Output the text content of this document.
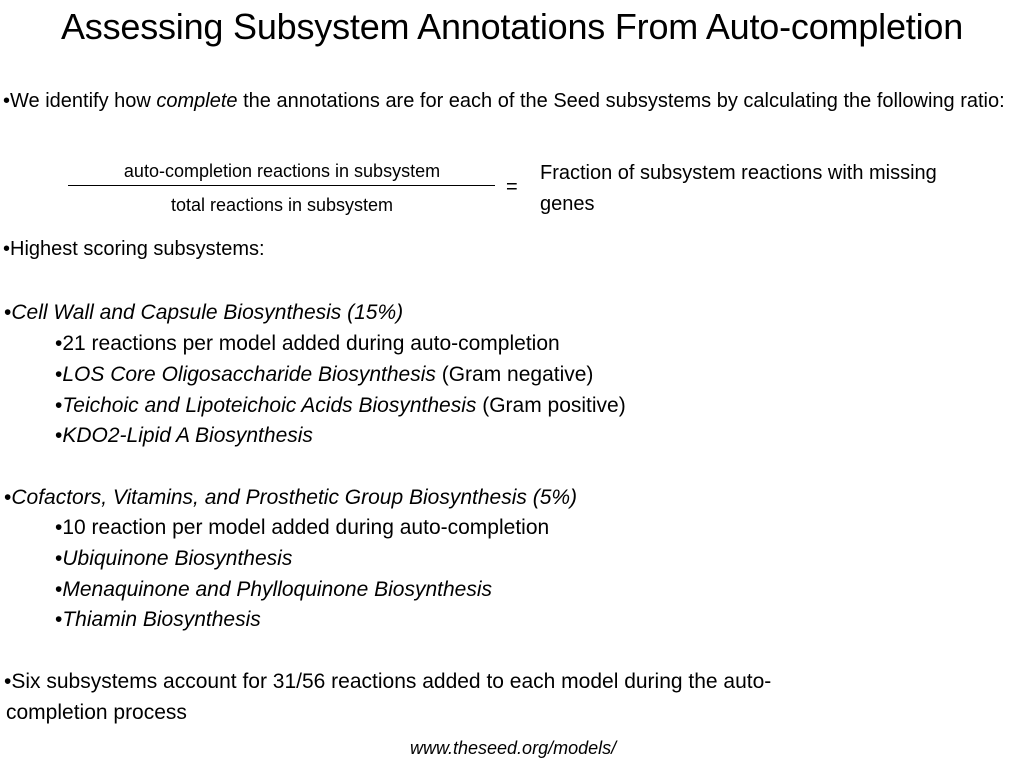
Assessing Subsystem Annotations From Auto-completion
•We identify how complete the annotations are for each of the Seed subsystems by calculating the following ratio:
auto-completion reactions in subsystem
total reactions in subsystem
=
Fraction of subsystem reactions with missing genes
•Highest scoring subsystems:
•Cell Wall and Capsule Biosynthesis (15%)
•21 reactions per model added during auto-completion
•LOS Core Oligosaccharide Biosynthesis (Gram negative)
•Teichoic and Lipoteichoic Acids Biosynthesis (Gram positive)
•KDO2-Lipid A Biosynthesis
•Cofactors, Vitamins, and Prosthetic Group Biosynthesis (5%)
•10 reaction per model added during auto-completion
•Ubiquinone Biosynthesis
•Menaquinone and Phylloquinone Biosynthesis
•Thiamin Biosynthesis
•Six subsystems account for 31/56 reactions added to each model during the auto-
completion process
www.theseed.org/models/
